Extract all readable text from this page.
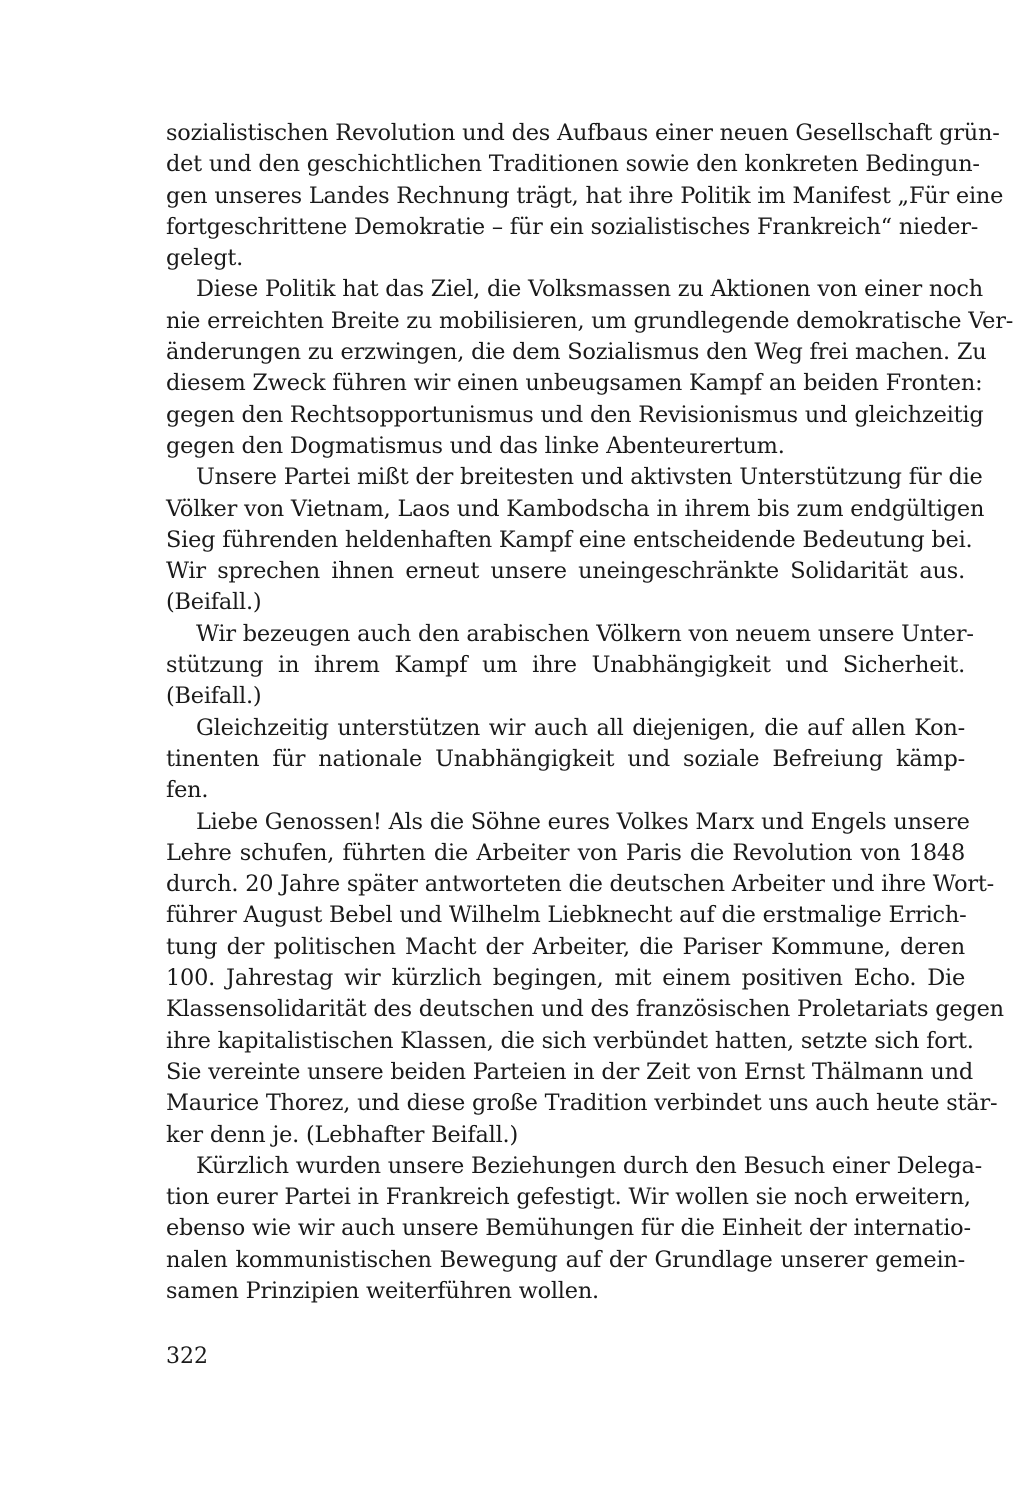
sozialistischen Revolution und des Aufbaus einer neuen Gesellschaft grün-
det und den geschichtlichen Traditionen sowie den konkreten Bedingun-
gen unseres Landes Rechnung trägt, hat ihre Politik im Manifest „Für eine
fortgeschrittene Demokratie – für ein sozialistisches Frankreich“ nieder-
gelegt.
Diese Politik hat das Ziel, die Volksmassen zu Aktionen von einer noch
nie erreichten Breite zu mobilisieren, um grundlegende demokratische Ver-
änderungen zu erzwingen, die dem Sozialismus den Weg frei machen. Zu
diesem Zweck führen wir einen unbeugsamen Kampf an beiden Fronten:
gegen den Rechtsopportunismus und den Revisionismus und gleichzeitig
gegen den Dogmatismus und das linke Abenteurertum.
Unsere Partei mißt der breitesten und aktivsten Unterstützung für die
Völker von Vietnam, Laos und Kambodscha in ihrem bis zum endgültigen
Sieg führenden heldenhaften Kampf eine entscheidende Bedeutung bei.
Wir sprechen ihnen erneut unsere uneingeschränkte Solidarität aus.
(Beifall.)
Wir bezeugen auch den arabischen Völkern von neuem unsere Unter-
stützung in ihrem Kampf um ihre Unabhängigkeit und Sicherheit.
(Beifall.)
Gleichzeitig unterstützen wir auch all diejenigen, die auf allen Kon-
tinenten für nationale Unabhängigkeit und soziale Befreiung kämp-
fen.
Liebe Genossen! Als die Söhne eures Volkes Marx und Engels unsere
Lehre schufen, führten die Arbeiter von Paris die Revolution von 1848
durch. 20 Jahre später antworteten die deutschen Arbeiter und ihre Wort-
führer August Bebel und Wilhelm Liebknecht auf die erstmalige Errich-
tung der politischen Macht der Arbeiter, die Pariser Kommune, deren
100. Jahrestag wir kürzlich begingen, mit einem positiven Echo. Die
Klassensolidarität des deutschen und des französischen Proletariats gegen
ihre kapitalistischen Klassen, die sich verbündet hatten, setzte sich fort.
Sie vereinte unsere beiden Parteien in der Zeit von Ernst Thälmann und
Maurice Thorez, und diese große Tradition verbindet uns auch heute stär-
ker denn je. (Lebhafter Beifall.)
Kürzlich wurden unsere Beziehungen durch den Besuch einer Delega-
tion eurer Partei in Frankreich gefestigt. Wir wollen sie noch erweitern,
ebenso wie wir auch unsere Bemühungen für die Einheit der internatio-
nalen kommunistischen Bewegung auf der Grundlage unserer gemein-
samen Prinzipien weiterführen wollen.
322
